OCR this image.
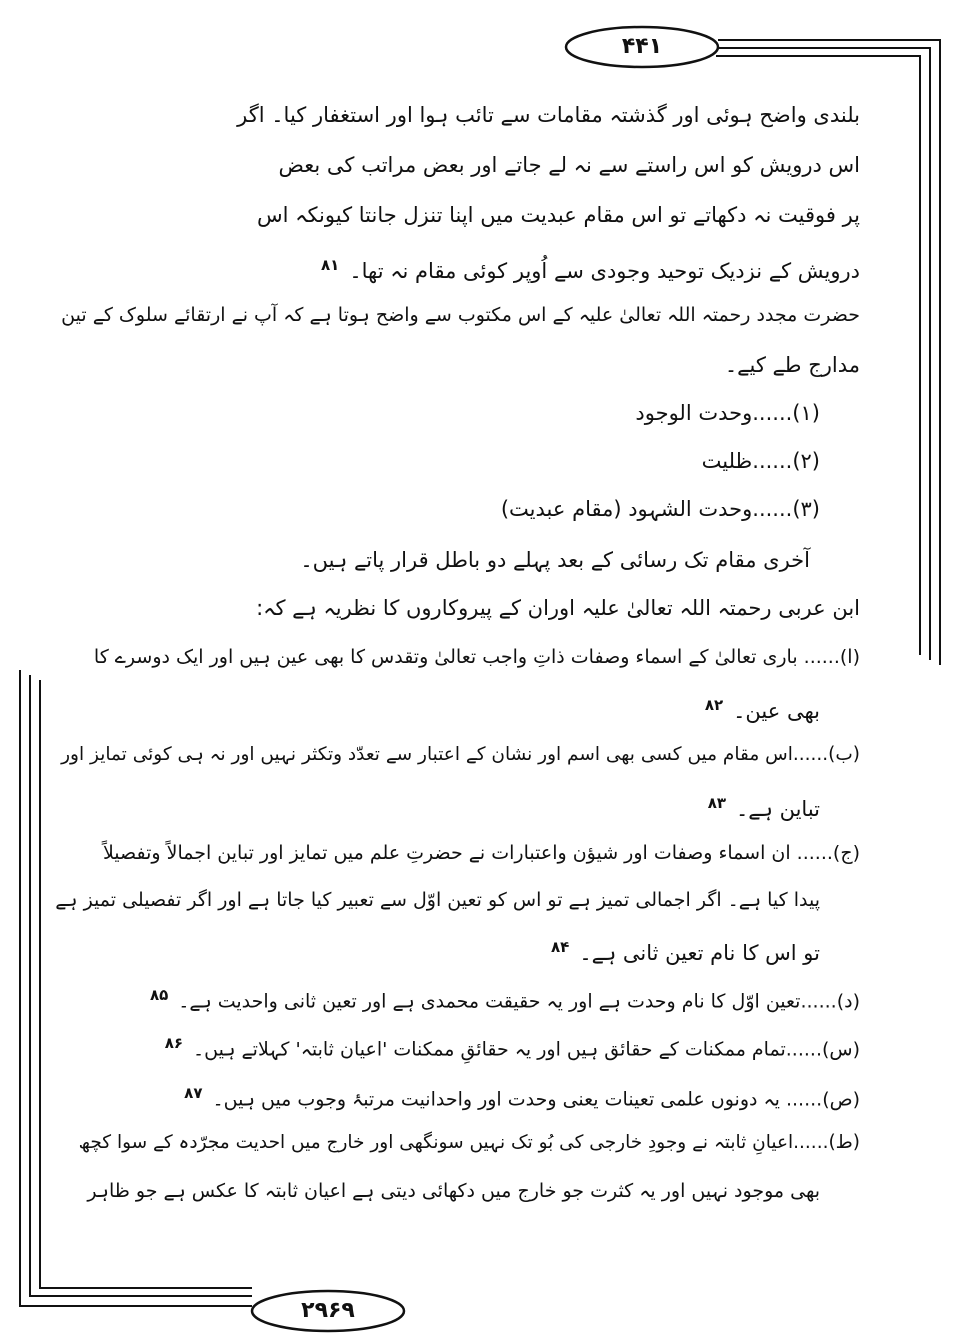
۴۴۱
۲۹۶۹
بلندی واضح ہوئی اور گذشتہ مقامات سے تائب ہوا اور استغفار کیا۔ اگر
اس درویش کو اس راستے سے نہ لے جاتے اور بعض مراتب کی بعض
پر فوقیت نہ دکھاتے تو اس مقام عبدیت میں اپنا تنزل جانتا کیونکہ اس
درویش کے نزدیک توحید وجودی سے اُوپر کوئی مقام نہ تھا۔۸۱
حضرت مجدد رحمتہ اللہ تعالیٰ علیہ کے اس مکتوب سے واضح ہوتا ہے کہ آپ نے ارتقائے سلوک کے تین
مدارج طے کیے۔
(۱)......وحدت الوجود
(۲)......ظلیت
(۳)......وحدت الشہود (مقام عبدیت)
آخری مقام تک رسائی کے بعد پہلے دو باطل قرار پاتے ہیں۔
ابن عربی رحمتہ اللہ تعالیٰ علیہ اوران کے پیروکاروں کا نظریہ ہے کہ:
(ا)...... باری تعالیٰ کے اسماء وصفات ذاتِ واجب تعالیٰ وتقدس کا بھی عین ہیں اور ایک دوسرے کا
بھی عین۔۸۲
(ب)......اس مقام میں کسی بھی اسم اور نشان کے اعتبار سے تعدّد وتکثر نہیں اور نہ ہی کوئی تمایز اور
تباین ہے۔۸۳
(ج)...... ان اسماء وصفات اور شیؤن واعتبارات نے حضرتِ علم میں تمایز اور تباین اجمالاً وتفصیلاً
پیدا کیا ہے۔ اگر اجمالی تمیز ہے تو اس کو تعین اوّل سے تعبیر کیا جاتا ہے اور اگر تفصیلی تمیز ہے
تو اس کا نام تعین ثانی ہے۔۸۴
(د)......تعین اوّل کا نام وحدت ہے اور یہ حقیقت محمدی ہے اور تعین ثانی واحدیت ہے۔۸۵
(س)......تمام ممکنات کے حقائق ہیں اور یہ حقائقِ ممکنات 'اعیان ثابتہ' کہلاتے ہیں۔۸۶
(ص)...... یہ دونوں علمی تعینات یعنی وحدت اور واحدانیت مرتبۂ وجوب میں ہیں۔۸۷
(ط)......اعیانِ ثابتہ نے وجودِ خارجی کی بُو تک نہیں سونگھی اور خارج میں احدیت مجرّدہ کے سوا کچھ
بھی موجود نہیں اور یہ کثرت جو خارج میں دکھائی دیتی ہے اعیان ثابتہ کا عکس ہے جو ظاہر
